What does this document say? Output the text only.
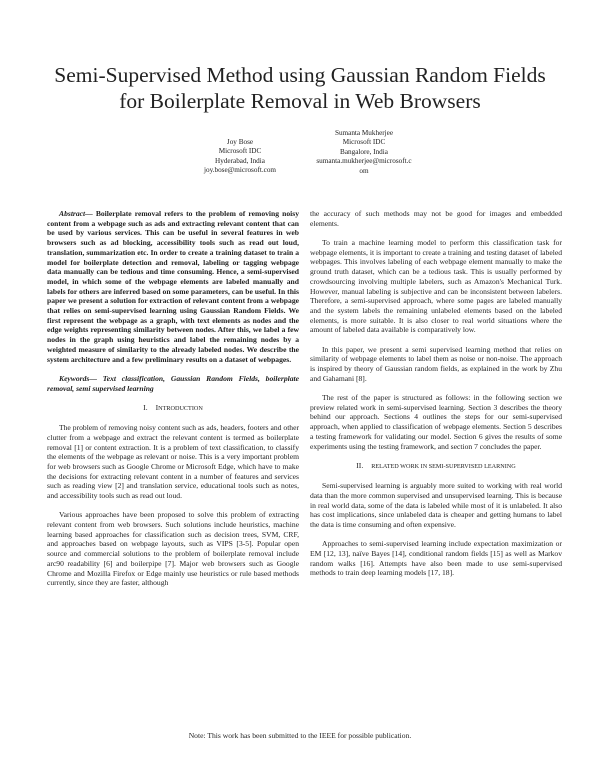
Semi-Supervised Method using Gaussian Random Fields for Boilerplate Removal in Web Browsers
Joy Bose
Microsoft IDC
Hyderabad, India
joy.bose@microsoft.com
Sumanta Mukherjee
Microsoft IDC
Bangalore, India
sumanta.mukherjee@microsoft.c
om

Abstract— Boilerplate removal refers to the problem of removing noisy content from a webpage such as ads and extracting relevant content that can be used by various services. This can be useful in several features in web browsers such as ad blocking, accessibility tools such as read out loud, translation, summarization etc. In order to create a training dataset to train a model for boilerplate detection and removal, labeling or tagging webpage data manually can be tedious and time consuming. Hence, a semi-supervised model, in which some of the webpage elements are labeled manually and labels for others are inferred based on some parameters, can be useful. In this paper we present a solution for extraction of relevant content from a webpage that relies on semi-supervised learning using Gaussian Random Fields. We first represent the webpage as a graph, with text elements as nodes and the edge weights representing similarity between nodes. After this, we label a few nodes in the graph using heuristics and label the remaining nodes by a weighted measure of similarity to the already labeled nodes. We describe the system architecture and a few preliminary results on a dataset of webpages.

Keywords— Text classification, Gaussian Random Fields, boilerplate removal, semi supervised learning

I. INTRODUCTION

The problem of removing noisy content such as ads, headers, footers and other clutter from a webpage and extract the relevant content is termed as boilerplate removal [1] or content extraction. It is a problem of text classification, to classify the elements of the webpage as relevant or noise. This is a very important problem for web browsers such as Google Chrome or Microsoft Edge, which have to make the decisions for extracting relevant content in a number of features and services such as reading view [2] and translation service, educational tools such as notes, and accessibility tools such as read out loud.

Various approaches have been proposed to solve this problem of extracting relevant content from web browsers. Such solutions include heuristics, machine learning based approaches for classification such as decision trees, SVM, CRF, and approaches based on webpage layouts, such as VIPS [3-5]. Popular open source and commercial solutions to the problem of boilerplate removal include arc90 readability [6] and boilerpipe [7]. Major web browsers such as Google Chrome and Mozilla Firefox or Edge mainly use heuristics or rule based methods currently, since they are faster, although

the accuracy of such methods may not be good for images and embedded elements.

To train a machine learning model to perform this classification task for webpage elements, it is important to create a training and testing dataset of labeled webpages. This involves labeling of each webpage element manually to make the ground truth dataset, which can be a tedious task. This is usually performed by crowdsourcing involving multiple labelers, such as Amazon's Mechanical Turk. However, manual labeling is subjective and can be inconsistent between labelers. Therefore, a semi-supervised approach, where some pages are labeled manually and the system labels the remaining unlabeled elements based on the labeled elements, is more suitable. It is also closer to real world situations where the amount of labeled data available is comparatively low.

In this paper, we present a semi supervised learning method that relies on similarity of webpage elements to label them as noise or non-noise. The approach is inspired by theory of Gaussian random fields, as explained in the work by Zhu and Gahamani [8].

The rest of the paper is structured as follows: in the following section we preview related work in semi-supervised learning. Section 3 describes the theory behind our approach. Sections 4 outlines the steps for our semi-supervised approach, when applied to classification of webpage elements. Section 5 describes a testing framework for validating our model. Section 6 gives the results of some experiments using the testing framework, and section 7 concludes the paper.

II. RELATED WORK IN SEMI-SUPERVISED LEARNING

Semi-supervised learning is arguably more suited to working with real world data than the more common supervised and unsupervised learning. This is because in real world data, some of the data is labeled while most of it is unlabeled. It also has cost implications, since unlabeled data is cheaper and getting humans to label the data is time consuming and often expensive.

Approaches to semi-supervised learning include expectation maximization or EM [12, 13], naïve Bayes [14], conditional random fields [15] as well as Markov random walks [16]. Attempts have also been made to use semi-supervised methods to train deep learning models [17, 18].

Note: This work has been submitted to the IEEE for possible publication.
